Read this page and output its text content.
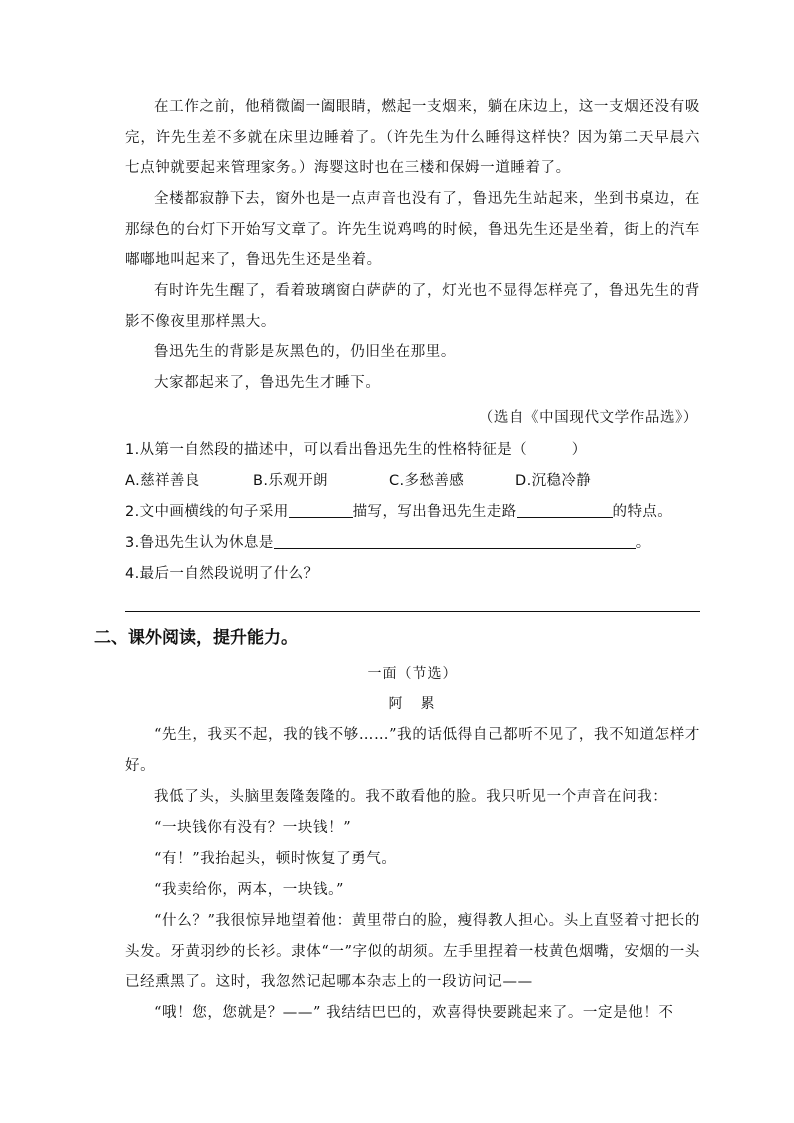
在工作之前，他稍微阖一阖眼睛，燃起一支烟来，躺在床边上，这一支烟还没有吸完，许先生差不多就在床里边睡着了。（许先生为什么睡得这样快？因为第二天早晨六七点钟就要起来管理家务。）海婴这时也在三楼和保姆一道睡着了。

全楼都寂静下去，窗外也是一点声音也没有了，鲁迅先生站起来，坐到书桌边，在那绿色的台灯下开始写文章了。许先生说鸡鸣的时候，鲁迅先生还是坐着，街上的汽车嘟嘟地叫起来了，鲁迅先生还是坐着。

有时许先生醒了，看着玻璃窗白萨萨的了，灯光也不显得怎样亮了，鲁迅先生的背影不像夜里那样黑大。

鲁迅先生的背影是灰黑色的，仍旧坐在那里。

大家都起来了，鲁迅先生才睡下。

（选自《中国现代文学作品选》）
1.从第一自然段的描述中，可以看出鲁迅先生的性格特征是（　　　）
A.慈祥善良	B.乐观开朗	C.多愁善感	D.沉稳冷静
2.文中画横线的句子采用	描写，写出鲁迅先生走路	的特点。
3.鲁迅先生认为休息是	。
4.最后一自然段说明了什么？
二、课外阅读，提升能力。
一面（节选）
阿　累

“先生，我买不起，我的钱不够……”我的话低得自己都听不见了，我不知道怎样才好。

我低了头，头脑里轰隆轰隆的。我不敢看他的脸。我只听见一个声音在问我：

“一块钱你有没有？一块钱！”

“有！”我抬起头，顿时恢复了勇气。

“我卖给你，两本，一块钱。”

“什么？”我很惊异地望着他：黄里带白的脸，瘦得教人担心。头上直竖着寸把长的头发。牙黄羽纱的长衫。隶体“一”字似的胡须。左手里捏着一枝黄色烟嘴，安烟的一头已经熏黑了。这时，我忽然记起哪本杂志上的一段访问记——

“哦！您，您就是？——” 我结结巴巴的，欢喜得快要跳起来了。一定是他！不
